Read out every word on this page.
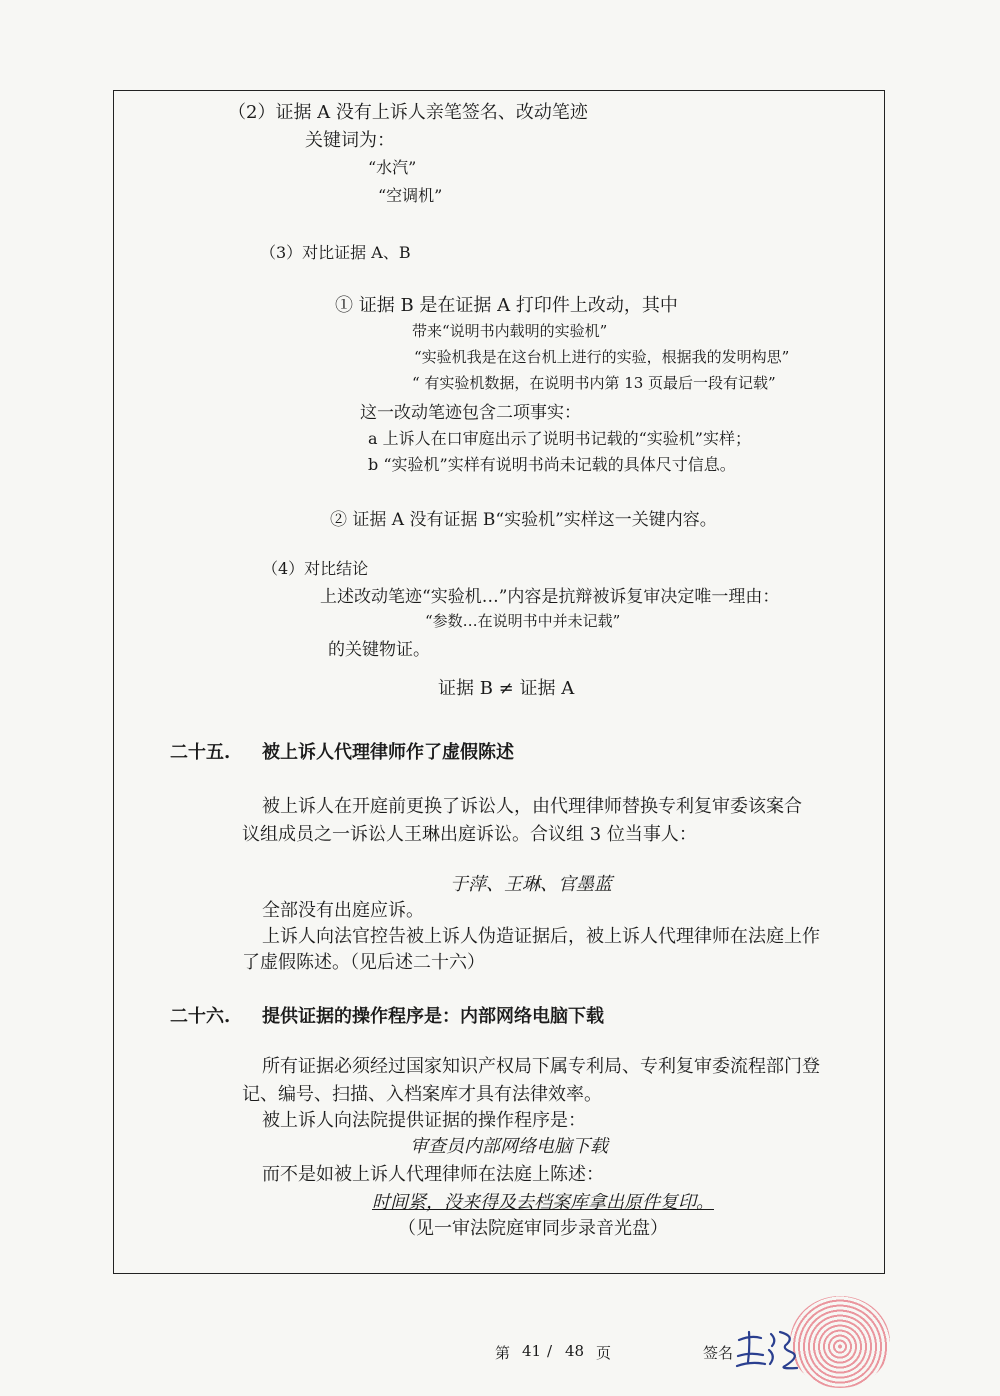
（2）证据 A 没有上诉人亲笔签名、改动笔迹
关键词为：
“水汽”
“空调机”
（3）对比证据 A、B
① 证据 B 是在证据 A 打印件上改动，其中
带来“说明书内载明的实验机”
“实验机我是在这台机上进行的实验，根据我的发明构思”
“ 有实验机数据，在说明书内第 13 页最后一段有记载”
这一改动笔迹包含二项事实：
a 上诉人在口审庭出示了说明书记载的“实验机”实样；
b “实验机”实样有说明书尚未记载的具体尺寸信息。
② 证据 A 没有证据 B“实验机”实样这一关键内容。
（4）对比结论
上述改动笔迹“实验机…”内容是抗辩被诉复审决定唯一理由：
“参数…在说明书中并未记载”
的关键物证。
证据 B ≠ 证据 A
二十五. 被上诉人代理律师作了虚假陈述
被上诉人在开庭前更换了诉讼人，由代理律师替换专利复审委该案合
议组成员之一诉讼人王琳出庭诉讼。合议组 3 位当事人：
于萍、王琳、官墨蓝
全部没有出庭应诉。
上诉人向法官控告被上诉人伪造证据后，被上诉人代理律师在法庭上作
了虚假陈述。（见后述二十六）
二十六. 提供证据的操作程序是：内部网络电脑下载
所有证据必须经过国家知识产权局下属专利局、专利复审委流程部门登
记、编号、扫描、入档案库才具有法律效率。
被上诉人向法院提供证据的操作程序是：
审查员内部网络电脑下载
而不是如被上诉人代理律师在法庭上陈述：
时间紧，没来得及去档案库拿出原件复印。
（见一审法院庭审同步录音光盘）
第 41 / 48 页	签名
